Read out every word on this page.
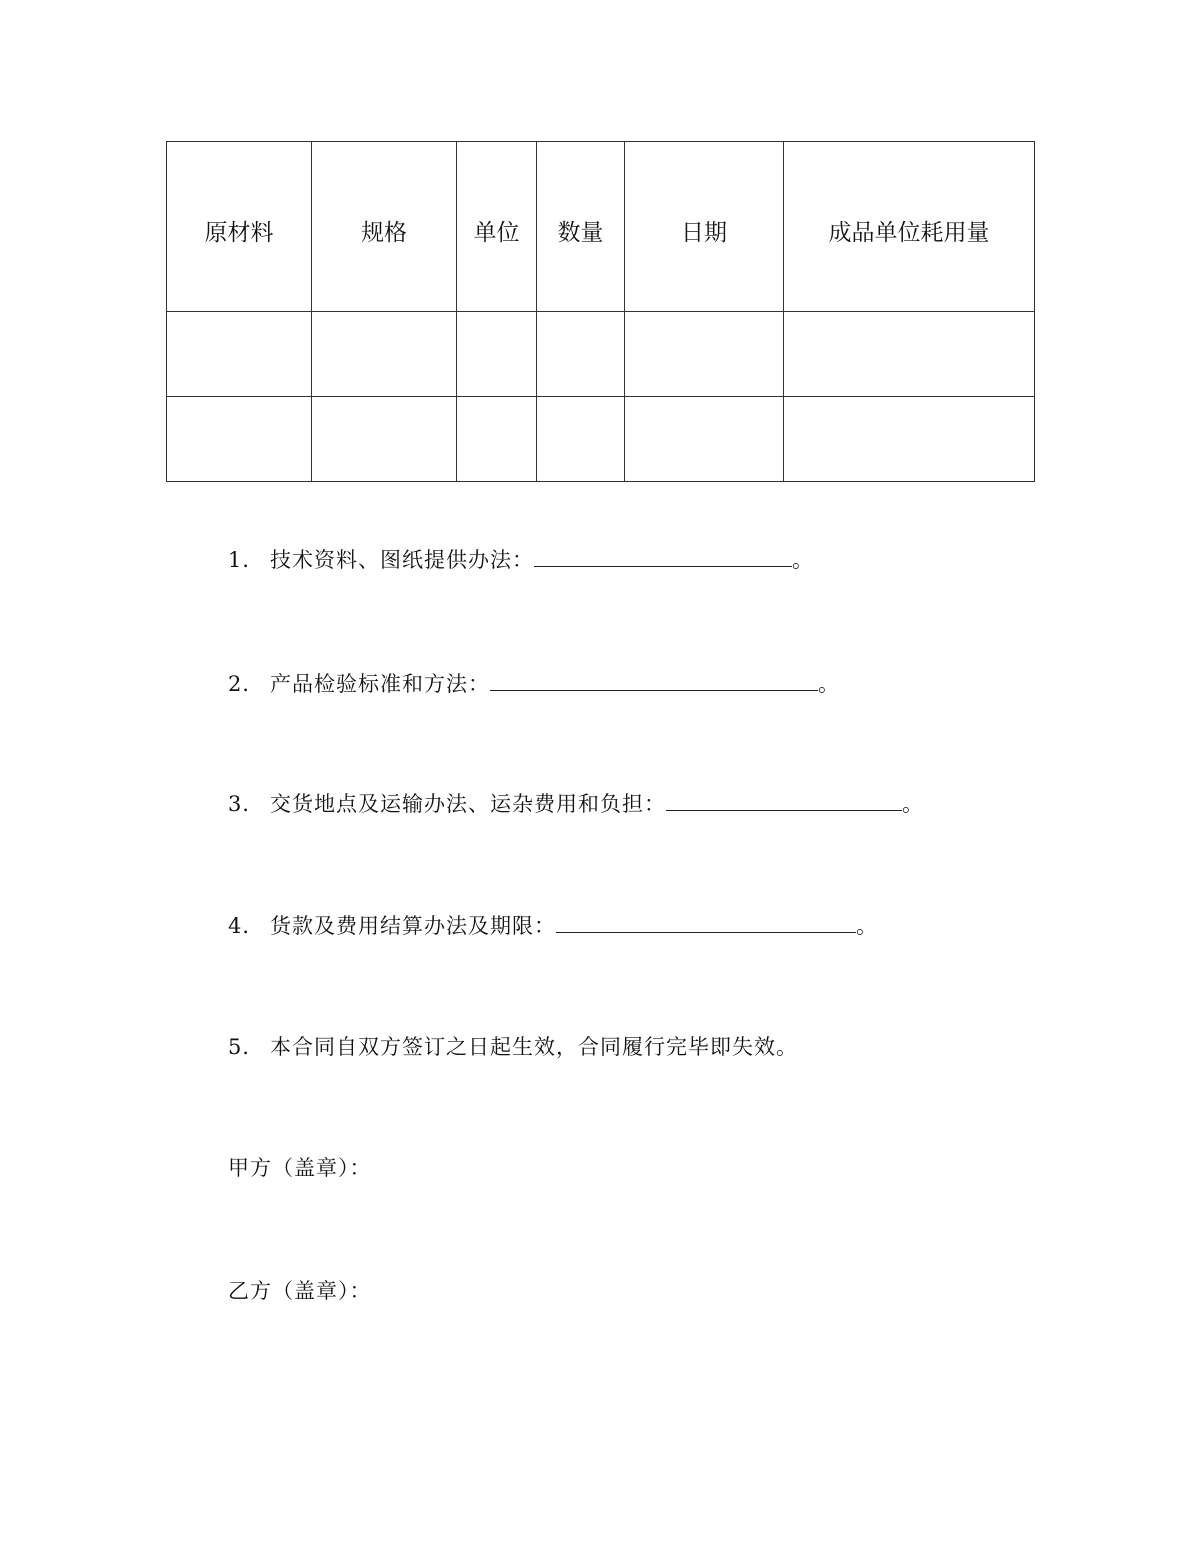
原材料	规格	单位	数量	日期	成品单位耗用量

1． 技术资料、图纸提供办法：	。
2． 产品检验标准和方法：	。
3． 交货地点及运输办法、运杂费用和负担：	。
4． 货款及费用结算办法及期限：	。
5． 本合同自双方签订之日起生效，合同履行完毕即失效。
甲方（盖章）：
乙方（盖章）：
